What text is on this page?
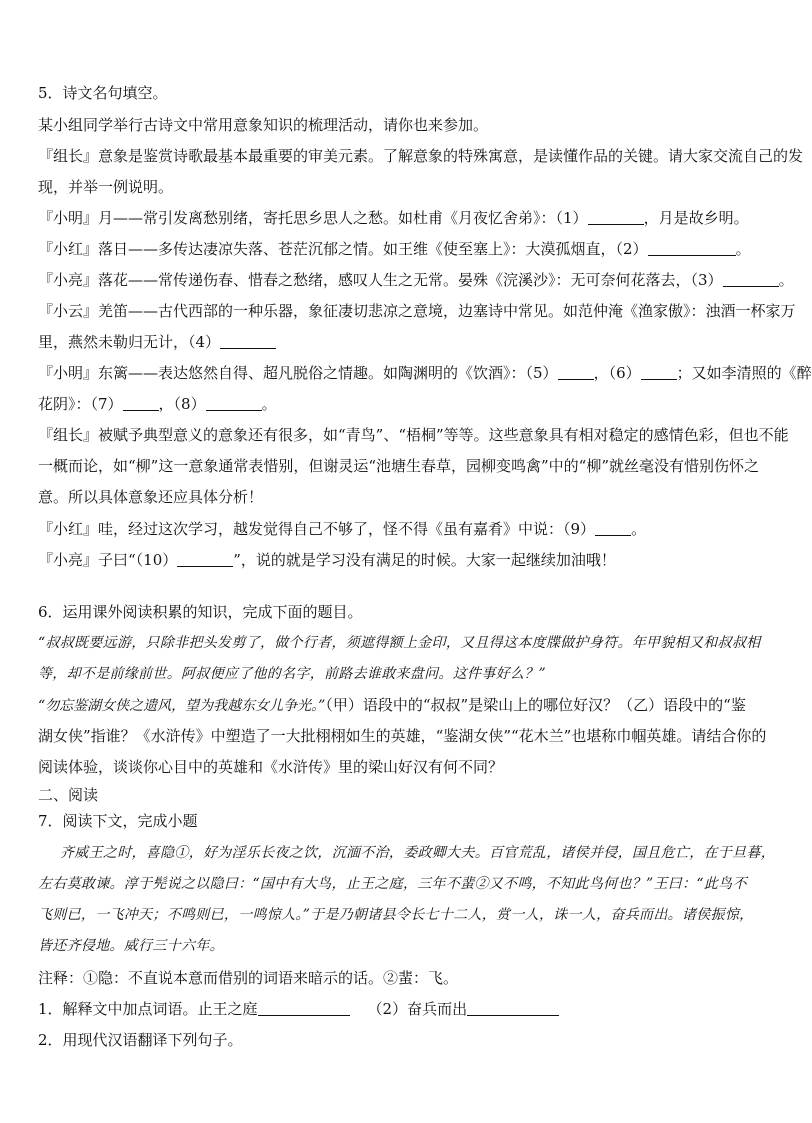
5．诗文名句填空。
某小组同学举行古诗文中常用意象知识的梳理活动，请你也来参加。
『组长』意象是鉴赏诗歌最基本最重要的审美元素。了解意象的特殊寓意，是读懂作品的关键。请大家交流自己的发
现，并举一例说明。
『小明』月——常引发离愁别绪，寄托思乡思人之愁。如杜甫《月夜忆舍弟》：（1）	，月是故乡明。
『小红』落日——多传达凄凉失落、苍茫沉郁之情。如王维《使至塞上》：大漠孤烟直，（2）	。
『小亮』落花——常传递伤春、惜春之愁绪，感叹人生之无常。晏殊《浣溪沙》：无可奈何花落去，（3）	。
『小云』羌笛——古代西部的一种乐器，象征凄切悲凉之意境，边塞诗中常见。如范仲淹《渔家傲》：浊酒一杯家万
里，燕然未勒归无计，（4）
『小明』东篱——表达悠然自得、超凡脱俗之情趣。如陶渊明的《饮酒》：（5） ，（6） ；又如李清照的《醉
花阴》：（7） ，（8）	。
『组长』被赋予典型意义的意象还有很多，如“青鸟”、“梧桐”等等。这些意象具有相对稳定的感情色彩，但也不能
一概而论，如“柳”这一意象通常表惜别，但谢灵运“池塘生春草，园柳变鸣禽”中的“柳”就丝毫没有惜别伤怀之
意。所以具体意象还应具体分析！
『小红』哇，经过这次学习，越发觉得自己不够了，怪不得《虽有嘉肴》中说：（9） 。
『小亮』子曰“（10）	”，说的就是学习没有满足的时候。大家一起继续加油哦！
6．运用课外阅读积累的知识，完成下面的题目。
“叔叔既要远游，只除非把头发剪了，做个行者，须遮得额上金印，又且得这本度牒做护身符。年甲貌相又和叔叔相
等，却不是前缘前世。阿叔便应了他的名字，前路去谁敢来盘问。这件事好么？”
“勿忘鉴湖女侠之遗风，望为我越东女儿争光。”（甲）语段中的“叔叔”是梁山上的哪位好汉？（乙）语段中的“鉴
湖女侠”指谁？《水浒传》中塑造了一大批栩栩如生的英雄，“鉴湖女侠”“花木兰”也堪称巾帼英雄。请结合你的
阅读体验，谈谈你心目中的英雄和《水浒传》里的梁山好汉有何不同？
二、阅读
7．阅读下文，完成小题
齐威王之时，喜隐①，好为淫乐长夜之饮，沉湎不治，委政卿大夫。百官荒乱，诸侯并侵，国且危亡，在于旦暮，
左右莫敢谏。淳于髡说之以隐曰：“国中有大鸟，止王之庭，三年不蜚②又不鸣，不知此鸟何也？”王曰：“此鸟不
飞则已，一飞冲天；不鸣则已，一鸣惊人。”于是乃朝诸县令长七十二人，赏一人，诛一人，奋兵而出。诸侯振惊，
皆还齐侵地。威行三十六年。
注释：①隐：不直说本意而借别的词语来暗示的话。②蜚：飞。
1．解释文中加点词语。止王之庭	（2）奋兵而出
2．用现代汉语翻译下列句子。
